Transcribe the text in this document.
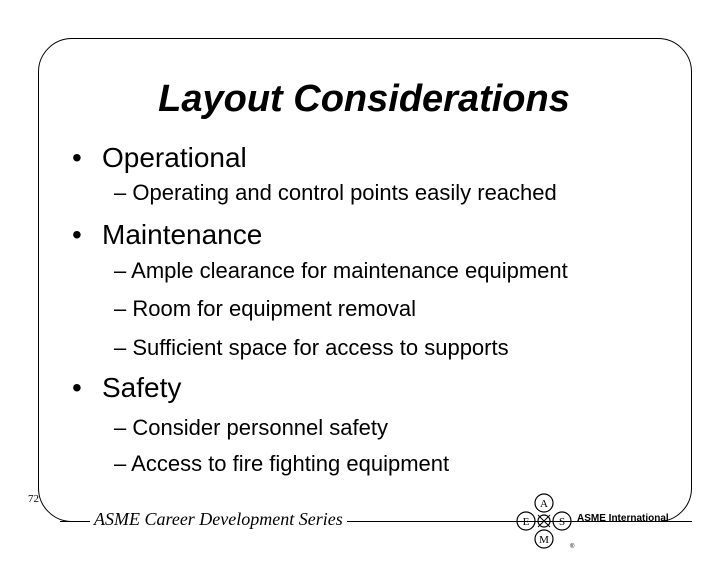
Layout Considerations
• Operational
– Operating and control points easily reached
• Maintenance
– Ample clearance for maintenance equipment
– Room for equipment removal
– Sufficient space for access to supports
• Safety
– Consider personnel safety
– Access to fire fighting equipment
72
ASME Career Development Series
A
M
E	S
®
ASME International
